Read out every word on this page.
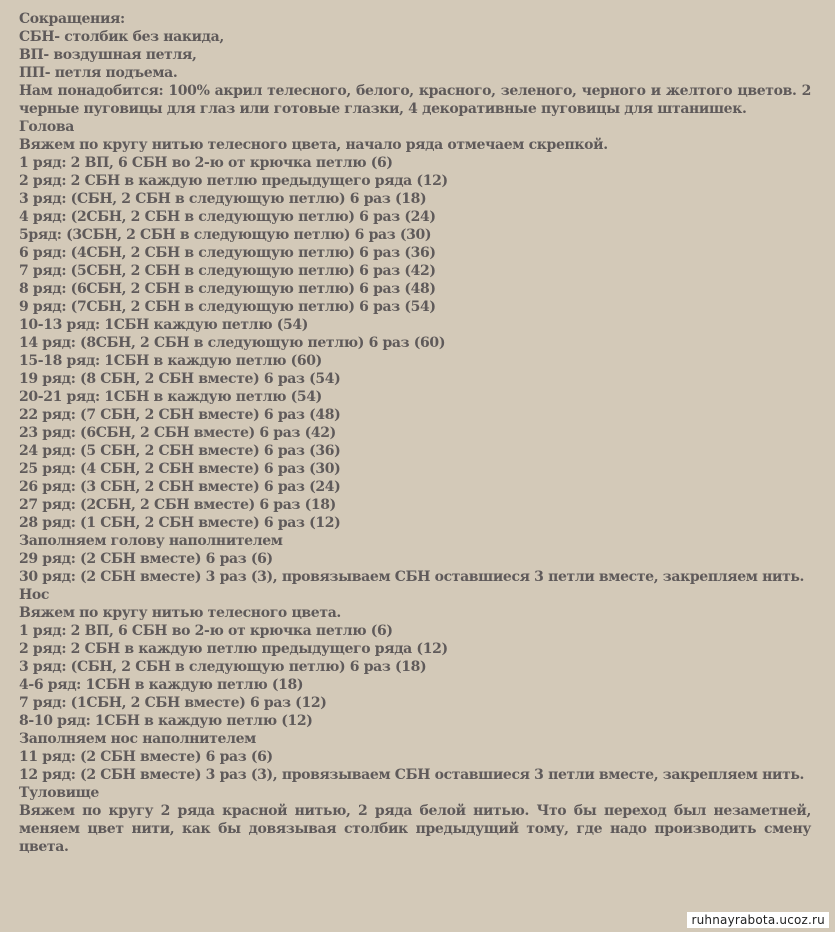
Сокращения:
СБН- столбик без накида,
ВП- воздушная петля,
ПП- петля подъема.
Нам понадобится: 100% акрил телесного, белого, красного, зеленого, черного и желтого цветов. 2 черные пуговицы для глаз или готовые глазки, 4 декоративные пуговицы для штанишек.
Голова
Вяжем по кругу нитью телесного цвета, начало ряда отмечаем скрепкой.
1 ряд: 2 ВП, 6 СБН во 2-ю от крючка петлю (6)
2 ряд: 2 СБН в каждую петлю предыдущего ряда (12)
3 ряд: (СБН, 2 СБН в следующую петлю) 6 раз (18)
4 ряд: (2СБН, 2 СБН в следующую петлю) 6 раз (24)
5ряд: (3СБН, 2 СБН в следующую петлю) 6 раз (30)
6 ряд: (4СБН, 2 СБН в следующую петлю) 6 раз (36)
7 ряд: (5СБН, 2 СБН в следующую петлю) 6 раз (42)
8 ряд: (6СБН, 2 СБН в следующую петлю) 6 раз (48)
9 ряд: (7СБН, 2 СБН в следующую петлю) 6 раз (54)
10-13 ряд: 1СБН каждую петлю (54)
14 ряд: (8СБН, 2 СБН в следующую петлю) 6 раз (60)
15-18 ряд: 1СБН в каждую петлю (60)
19 ряд: (8 СБН, 2 СБН вместе) 6 раз (54)
20-21 ряд: 1СБН в каждую петлю (54)
22 ряд: (7 СБН, 2 СБН вместе) 6 раз (48)
23 ряд: (6СБН, 2 СБН вместе) 6 раз (42)
24 ряд: (5 СБН, 2 СБН вместе) 6 раз (36)
25 ряд: (4 СБН, 2 СБН вместе) 6 раз (30)
26 ряд: (3 СБН, 2 СБН вместе) 6 раз (24)
27 ряд: (2СБН, 2 СБН вместе) 6 раз (18)
28 ряд: (1 СБН, 2 СБН вместе) 6 раз (12)
Заполняем голову наполнителем
29 ряд: (2 СБН вместе) 6 раз (6)
30 ряд: (2 СБН вместе) 3 раз (3), провязываем СБН оставшиеся 3 петли вместе, закрепляем нить.
Нос
Вяжем по кругу нитью телесного цвета.
1 ряд: 2 ВП, 6 СБН во 2-ю от крючка петлю (6)
2 ряд: 2 СБН в каждую петлю предыдущего ряда (12)
3 ряд: (СБН, 2 СБН в следующую петлю) 6 раз (18)
4-6 ряд: 1СБН в каждую петлю (18)
7 ряд: (1СБН, 2 СБН вместе) 6 раз (12)
8-10 ряд: 1СБН в каждую петлю (12)
Заполняем нос наполнителем
11 ряд: (2 СБН вместе) 6 раз (6)
12 ряд: (2 СБН вместе) 3 раз (3), провязываем СБН оставшиеся 3 петли вместе, закрепляем нить.
Туловище
Вяжем по кругу 2 ряда красной нитью, 2 ряда белой нитью. Что бы переход был незаметней, меняем цвет нити, как бы довязывая столбик предыдущий тому, где надо производить смену цвета.
ruhnayrabota.ucoz.ru
